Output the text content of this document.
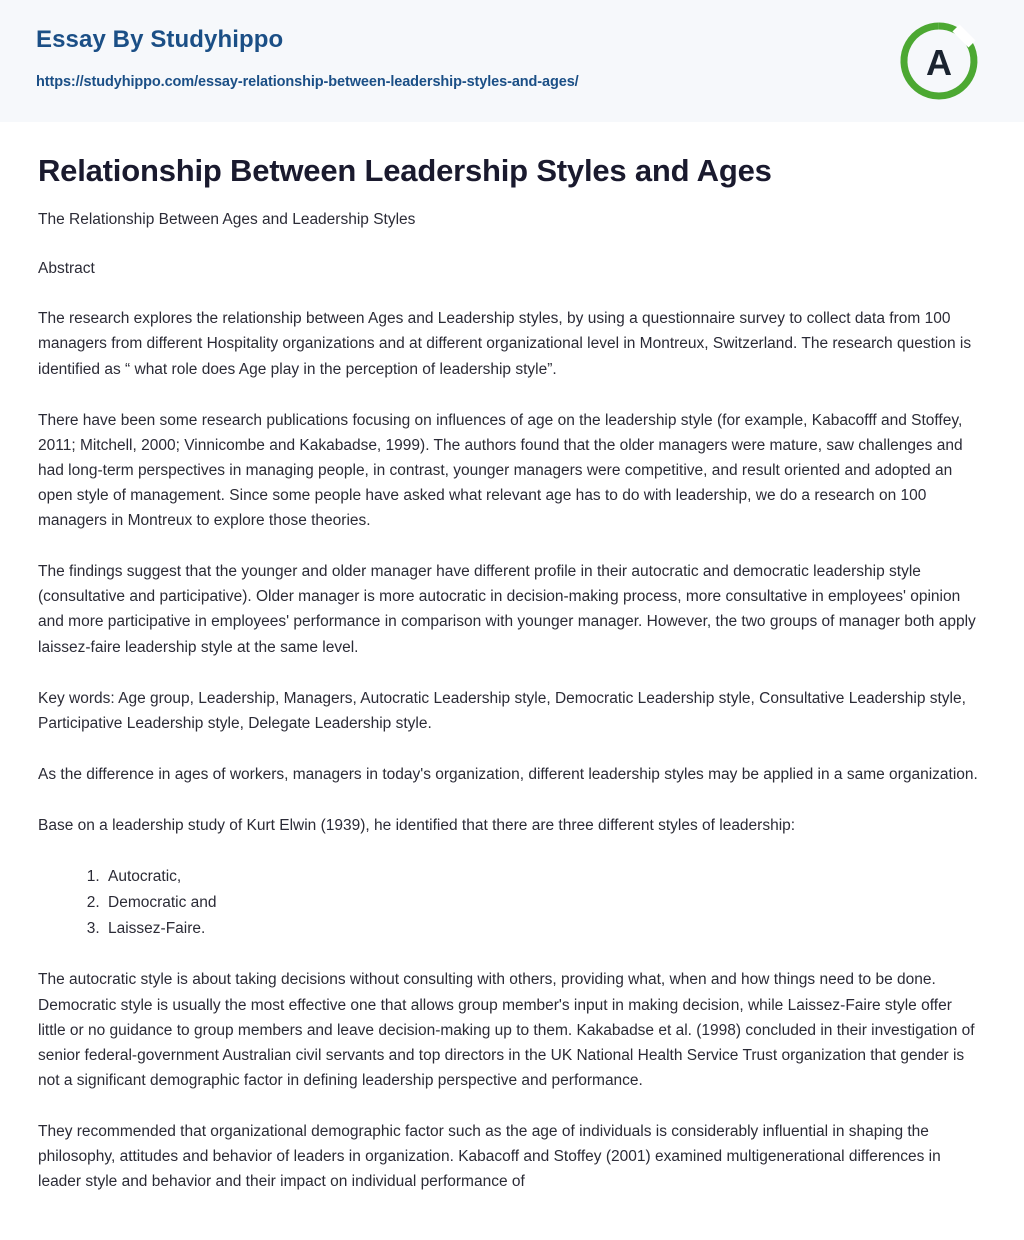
Essay By Studyhippo
https://studyhippo.com/essay-relationship-between-leadership-styles-and-ages/	A
Relationship Between Leadership Styles and Ages

The Relationship Between Ages and Leadership Styles

Abstract

The research explores the relationship between Ages and Leadership styles, by using a questionnaire survey to collect data from 100 managers from different Hospitality organizations and at different organizational level in Montreux, Switzerland. The research question is identified as “ what role does Age play in the perception of leadership style”.

There have been some research publications focusing on influences of age on the leadership style (for example, Kabacofff and Stoffey, 2011; Mitchell, 2000; Vinnicombe and Kakabadse, 1999). The authors found that the older managers were mature, saw challenges and had long-term perspectives in managing people, in contrast, younger managers were competitive, and result oriented and adopted an open style of management. Since some people have asked what relevant age has to do with leadership, we do a research on 100 managers in Montreux to explore those theories.

The findings suggest that the younger and older manager have different profile in their autocratic and democratic leadership style (consultative and participative). Older manager is more autocratic in decision-making process, more consultative in employees' opinion and more participative in employees' performance in comparison with younger manager. However, the two groups of manager both apply laissez-faire leadership style at the same level.

Key words: Age group, Leadership, Managers, Autocratic Leadership style, Democratic Leadership style, Consultative Leadership style, Participative Leadership style, Delegate Leadership style.

As the difference in ages of workers, managers in today's organization, different leadership styles may be applied in a same organization.

Base on a leadership study of Kurt Elwin (1939), he identified that there are three different styles of leadership:

1. Autocratic,
2. Democratic and
3. Laissez-Faire.

The autocratic style is about taking decisions without consulting with others, providing what, when and how things need to be done. Democratic style is usually the most effective one that allows group member's input in making decision, while Laissez-Faire style offer little or no guidance to group members and leave decision-making up to them. Kakabadse et al. (1998) concluded in their investigation of senior federal-government Australian civil servants and top directors in the UK National Health Service Trust organization that gender is not a significant demographic factor in defining leadership perspective and performance.

They recommended that organizational demographic factor such as the age of individuals is considerably influential in shaping the philosophy, attitudes and behavior of leaders in organization. Kabacoff and Stoffey (2001) examined multigenerational differences in leader style and behavior and their impact on individual performance of
